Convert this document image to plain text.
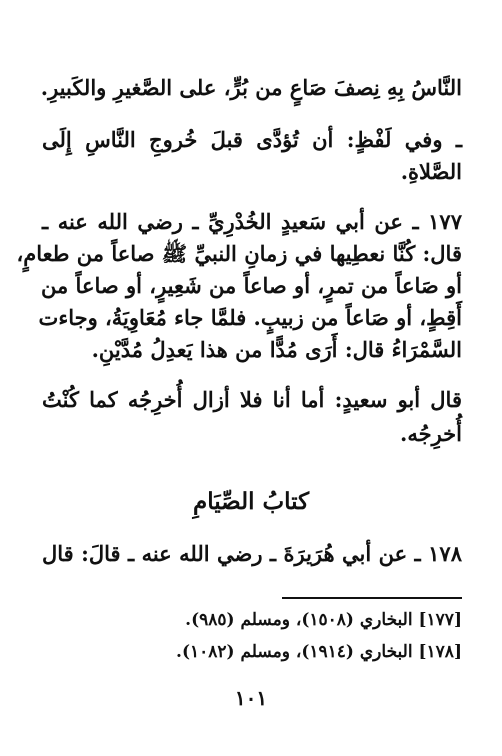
النَّاسُ بِهِ نِصفَ صَاعٍ من بُرٍّ، على الصَّغيرِ والكَبيرِ.
ـ وفي لَفْظٍ: أن تُؤدَّى قبلَ خُروجِ النَّاسِ إِلَى
الصَّلاةِ.
١٧٧ ـ عن أبي سَعيدٍ الخُدْرِيِّ ـ رضي الله عنه ـ
قال: كُنَّا نعطِيها في زمانِ النبيِّ ﷺ صاعاً من طعامٍ،
أو صَاعاً من تمرٍ، أو صاعاً من شَعِيرٍ، أو صاعاً من
أَقِطٍ، أو صَاعاً من زبيبٍ. فلمَّا جاء مُعَاوِيَةُ، وجاءت
السَّمْرَاءُ قال: أَرَى مُدًّا من هذا يَعدِلُ مُدَّيْنِ.
قال أبو سعيدٍ: أما أنا فلا أزال أُخرِجُه كما كُنْتُ
أُخرِجُه.
كتابُ الصِّيَامِ
١٧٨ ـ عن أبي هُرَيرَةَ ـ رضي الله عنه ـ قالَ: قال
[١٧٧] البخاري (١٥٠٨)، ومسلم (٩٨٥).
[١٧٨] البخاري (١٩١٤)، ومسلم (١٠٨٢).
١٠١
